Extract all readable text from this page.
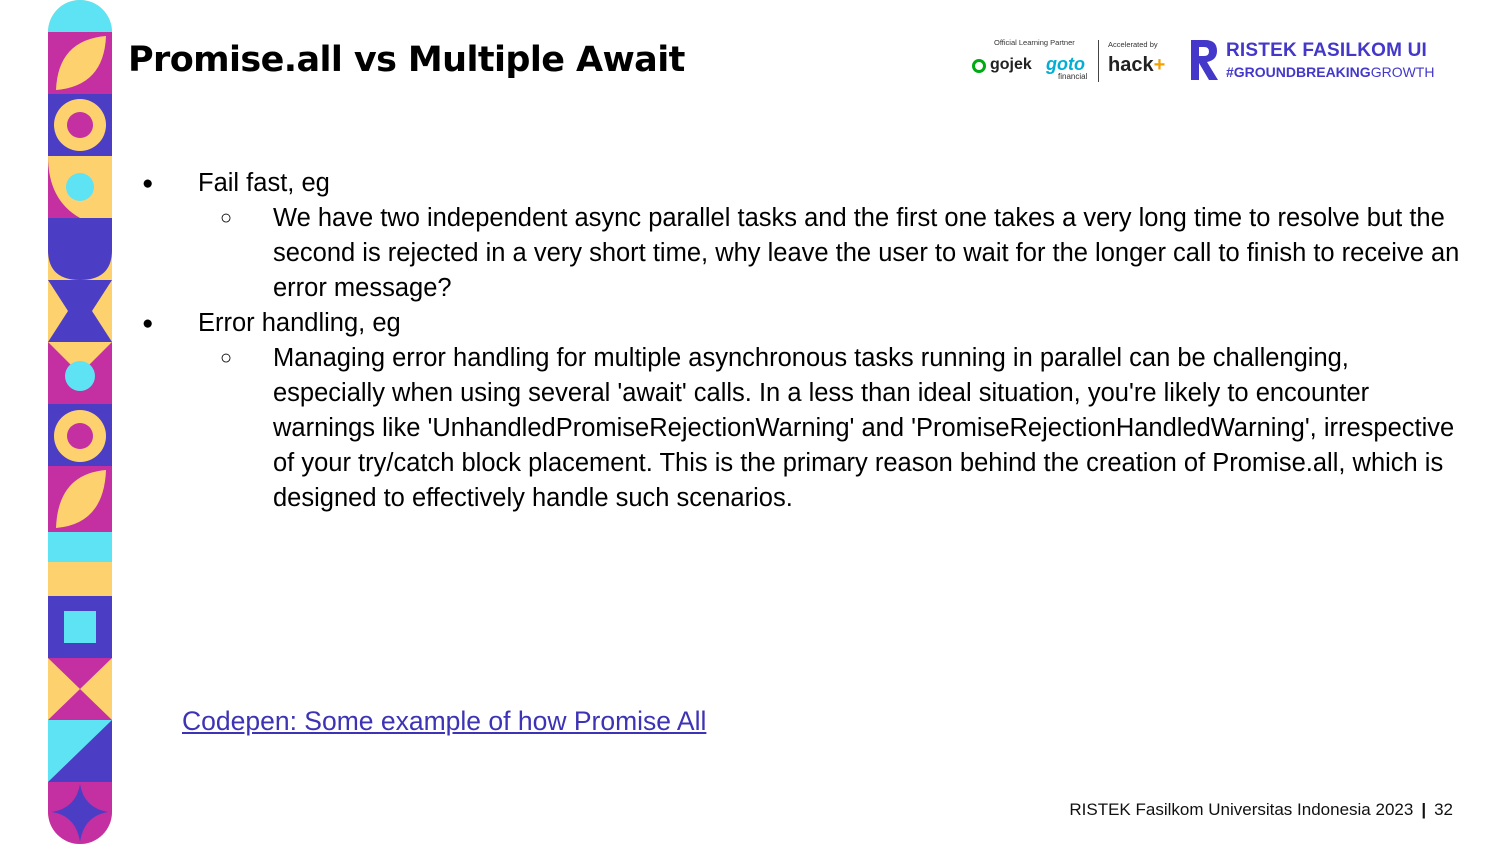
Promise.all vs Multiple Await	Official Learning Partner
gojek goto
financial
Accelerated by
hack+
RISTEK FASILKOM UI
#GROUNDBREAKINGGROWTH
● Fail fast, eg
○ We have two independent async parallel tasks and the first one takes a very long time to resolve but the second is rejected in a very short time, why leave the user to wait for the longer call to finish to receive an error message?
● Error handling, eg
○ Managing error handling for multiple asynchronous tasks running in parallel can be challenging, especially when using several 'await' calls. In a less than ideal situation, you're likely to encounter warnings like 'UnhandledPromiseRejectionWarning' and 'PromiseRejectionHandledWarning', irrespective of your try/catch block placement. This is the primary reason behind the creation of Promise.all, which is designed to effectively handle such scenarios.
Codepen: Some example of how Promise All
RISTEK Fasilkom Universitas Indonesia 2023 | 32
